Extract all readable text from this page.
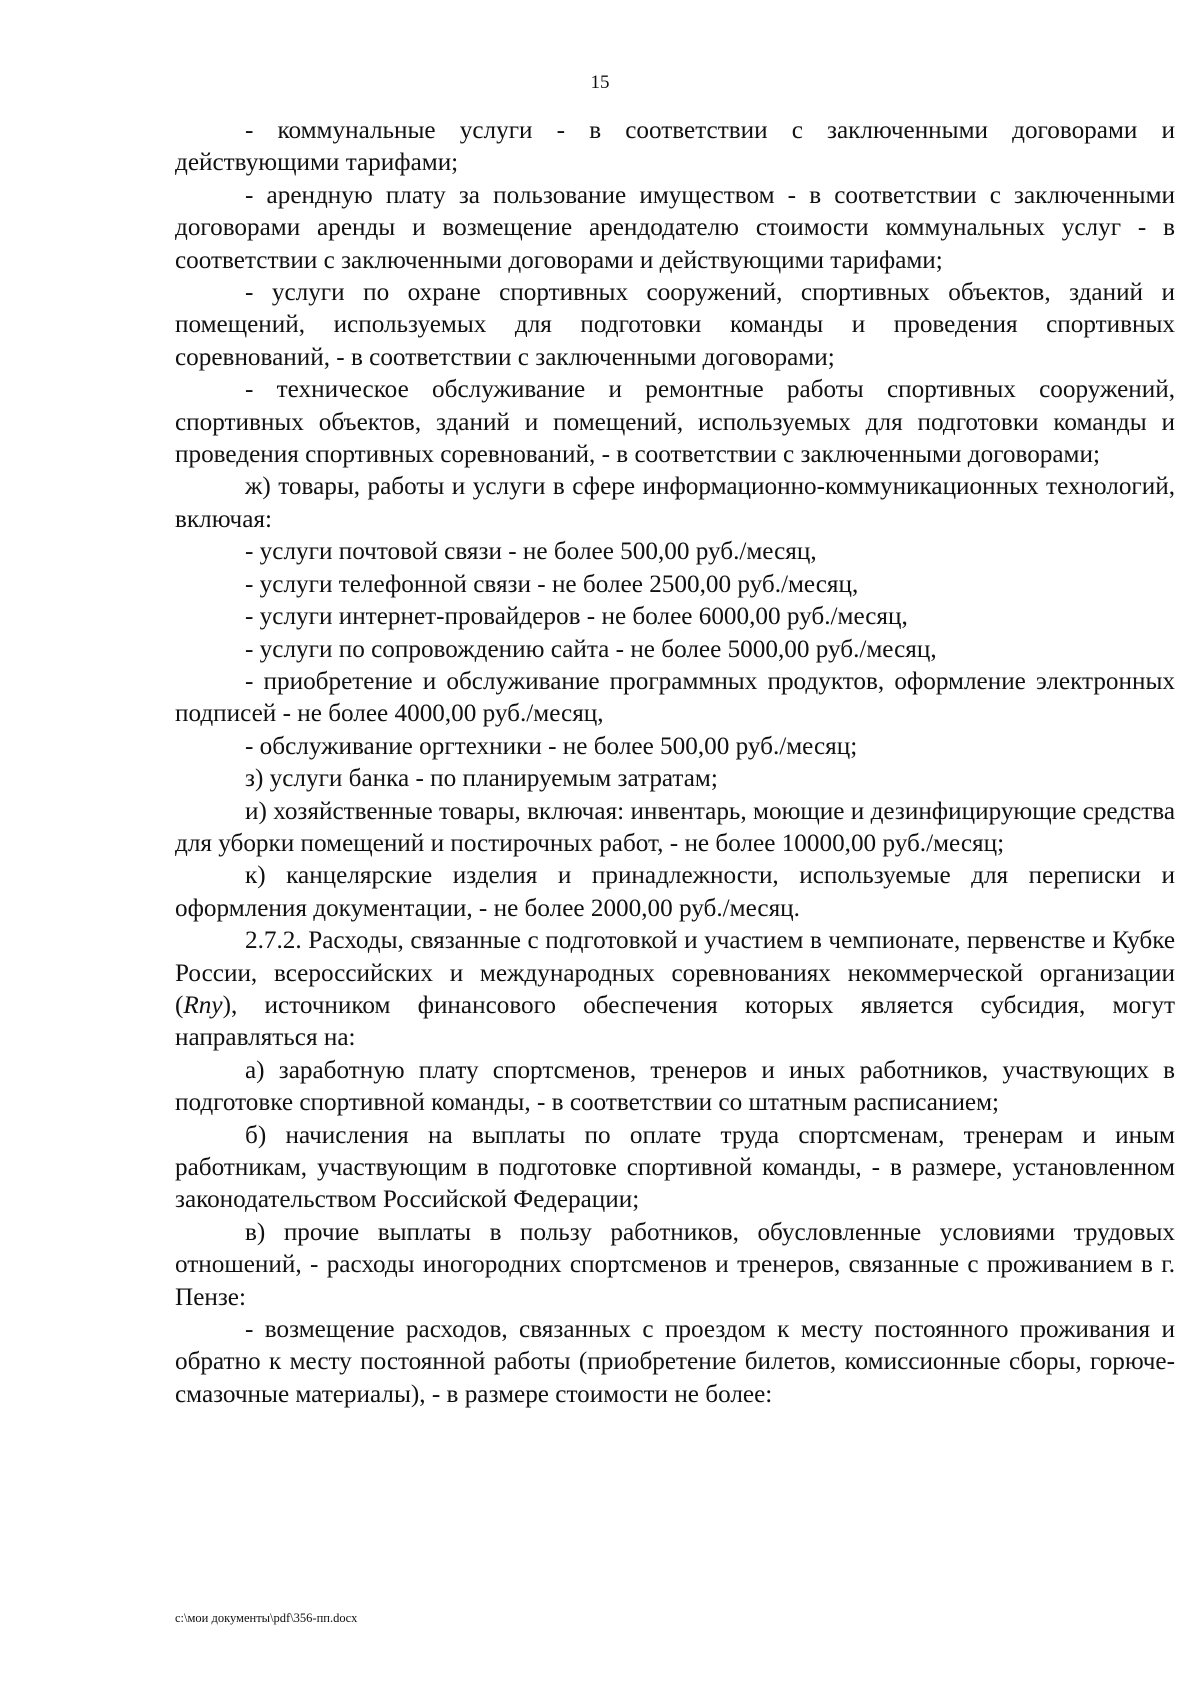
15

- коммунальные услуги - в соответствии с заключенными договорами и действующими тарифами;

- арендную плату за пользование имуществом - в соответствии с заключенными договорами аренды и возмещение арендодателю стоимости коммунальных услуг - в соответствии с заключенными договорами и действующими тарифами;

- услуги по охране спортивных сооружений, спортивных объектов, зданий и помещений, используемых для подготовки команды и проведения спортивных соревнований, - в соответствии с заключенными договорами;

- техническое обслуживание и ремонтные работы спортивных сооружений, спортивных объектов, зданий и помещений, используемых для подготовки команды и проведения спортивных соревнований, - в соответствии с заключенными договорами;

ж) товары, работы и услуги в сфере информационно-коммуникационных технологий, включая:

- услуги почтовой связи - не более 500,00 руб./месяц,

- услуги телефонной связи - не более 2500,00 руб./месяц,

- услуги интернет-провайдеров - не более 6000,00 руб./месяц,

- услуги по сопровождению сайта - не более 5000,00 руб./месяц,

- приобретение и обслуживание программных продуктов, оформление электронных подписей - не более 4000,00 руб./месяц,

- обслуживание оргтехники - не более 500,00 руб./месяц;

з) услуги банка - по планируемым затратам;

и) хозяйственные товары, включая: инвентарь, моющие и дезинфицирующие средства для уборки помещений и постирочных работ, - не более 10000,00 руб./месяц;

к) канцелярские изделия и принадлежности, используемые для переписки и оформления документации, - не более 2000,00 руб./месяц.

2.7.2. Расходы, связанные с подготовкой и участием в чемпионате, первенстве и Кубке России, всероссийских и международных соревнованиях некоммерческой организации (Rпу), источником финансового обеспечения которых является субсидия, могут направляться на:

а) заработную плату спортсменов, тренеров и иных работников, участвующих в подготовке спортивной команды, - в соответствии со штатным расписанием;

б) начисления на выплаты по оплате труда спортсменам, тренерам и иным работникам, участвующим в подготовке спортивной команды, - в размере, установленном законодательством Российской Федерации;

в) прочие выплаты в пользу работников, обусловленные условиями трудовых отношений, - расходы иногородних спортсменов и тренеров, связанные с проживанием в г. Пензе:

- возмещение расходов, связанных с проездом к месту постоянного проживания и обратно к месту постоянной работы (приобретение билетов, комиссионные сборы, горюче-смазочные материалы), - в размере стоимости не более:

c:\мои документы\pdf\356-пп.docx
